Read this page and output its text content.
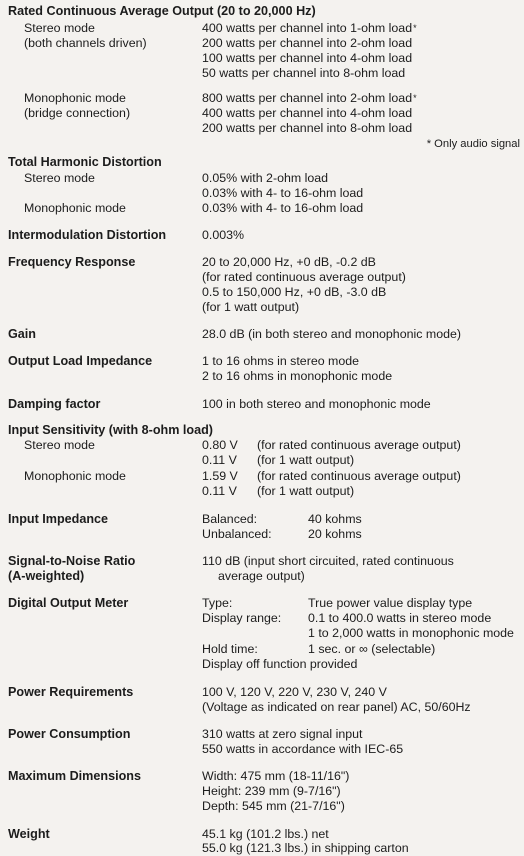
Rated Continuous Average Output (20 to 20,000 Hz)
Stereo mode
(both channels driven)
400 watts per channel into 1-ohm load*
200 watts per channel into 2-ohm load
100 watts per channel into 4-ohm load
50 watts per channel into 8-ohm load
Monophonic mode
(bridge connection)
800 watts per channel into 2-ohm load*
400 watts per channel into 4-ohm load
200 watts per channel into 8-ohm load
* Only audio signal
Total Harmonic Distortion
Stereo mode	0.05% with 2-ohm load
0.03% with 4- to 16-ohm load
Monophonic mode	0.03% with 4- to 16-ohm load
Intermodulation Distortion	0.003%
Frequency Response	20 to 20,000 Hz, +0 dB, -0.2 dB
(for rated continuous average output)
0.5 to 150,000 Hz, +0 dB, -3.0 dB
(for 1 watt output)
Gain	28.0 dB (in both stereo and monophonic mode)
Output Load Impedance	1 to 16 ohms in stereo mode
2 to 16 ohms in monophonic mode
Damping factor	100 in both stereo and monophonic mode
Input Sensitivity (with 8-ohm load)
Stereo mode	0.80 V (for rated continuous average output)
0.11 V (for 1 watt output)
Monophonic mode	1.59 V (for rated continuous average output)
0.11 V (for 1 watt output)
Input Impedance	Balanced:	40 kohms
Unbalanced:	20 kohms
Signal-to-Noise Ratio
(A-weighted)
110 dB (input short circuited, rated continuous
average output)
Digital Output Meter	Type:	True power value display type
Display range: 0.1 to 400.0 watts in stereo mode
1 to 2,000 watts in monophonic mode
Hold time:	1 sec. or ∞ (selectable)
Display off function provided
Power Requirements	100 V, 120 V, 220 V, 230 V, 240 V
(Voltage as indicated on rear panel) AC, 50/60Hz
Power Consumption	310 watts at zero signal input
550 watts in accordance with IEC-65
Maximum Dimensions	Width: 475 mm (18-11/16")
Height: 239 mm (9-7/16")
Depth: 545 mm (21-7/16")
Weight	45.1 kg (101.2 lbs.) net
55.0 kg (121.3 lbs.) in shipping carton
